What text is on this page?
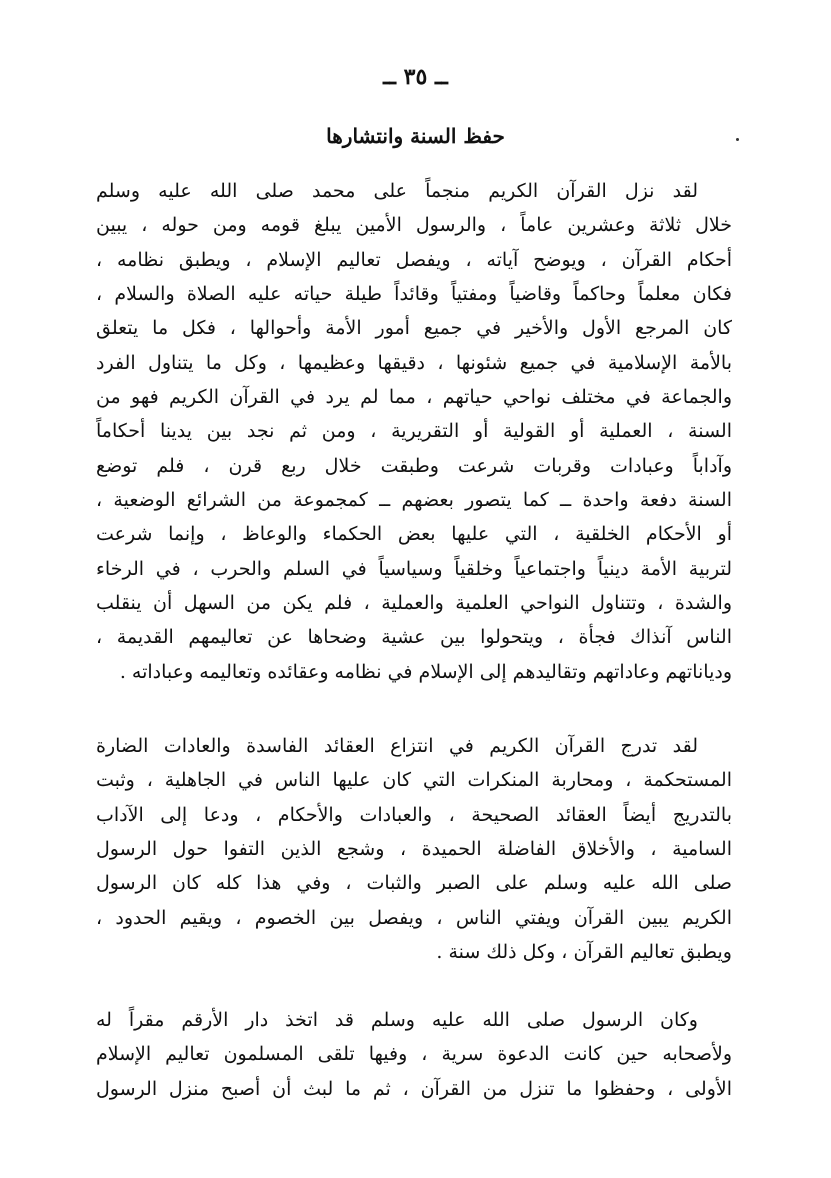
ــ ٣٥ ــ
حفظ السنة وانتشارها
لقد نزل القرآن الكريم منجماً على محمد صلى الله عليه وسلم
خلال ثلاثة وعشرين عاماً ، والرسول الأمين يبلغ قومه ومن حوله ، يبين
أحكام القرآن ، ويوضح آياته ، ويفصل تعاليم الإسلام ، ويطبق نظامه ،
فكان معلماً وحاكماً وقاضياً ومفتياً وقائداً طيلة حياته عليه الصلاة والسلام ،
كان المرجع الأول والأخير في جميع أمور الأمة وأحوالها ، فكل ما يتعلق
بالأمة الإسلامية في جميع شئونها ، دقيقها وعظيمها ، وكل ما يتناول الفرد
والجماعة في مختلف نواحي حياتهم ، مما لم يرد في القرآن الكريم فهو من
السنة ، العملية أو القولية أو التقريرية ، ومن ثم نجد بين يدينا أحكاماً
وآداباً وعبادات وقربات شرعت وطبقت خلال ربع قرن ، فلم توضع
السنة دفعة واحدة ــ كما يتصور بعضهم ــ كمجموعة من الشرائع الوضعية ،
أو الأحكام الخلقية ، التي عليها بعض الحكماء والوعاظ ، وإنما شرعت
لتربية الأمة دينياً واجتماعياً وخلقياً وسياسياً في السلم والحرب ، في الرخاء
والشدة ، وتتناول النواحي العلمية والعملية ، فلم يكن من السهل أن ينقلب
الناس آنذاك فجأة ، ويتحولوا بين عشية وضحاها عن تعاليمهم القديمة ،
ودياناتهم وعاداتهم وتقاليدهم إلى الإسلام في نظامه وعقائده وتعاليمه وعباداته .
لقد تدرج القرآن الكريم في انتزاع العقائد الفاسدة والعادات الضارة
المستحكمة ، ومحاربة المنكرات التي كان عليها الناس في الجاهلية ، وثبت
بالتدريج أيضاً العقائد الصحيحة ، والعبادات والأحكام ، ودعا إلى الآداب
السامية ، والأخلاق الفاضلة الحميدة ، وشجع الذين التفوا حول الرسول
صلى الله عليه وسلم على الصبر والثبات ، وفي هذا كله كان الرسول
الكريم يبين القرآن ويفتي الناس ، ويفصل بين الخصوم ، ويقيم الحدود ،
ويطبق تعاليم القرآن ، وكل ذلك سنة .
وكان الرسول صلى الله عليه وسلم قد اتخذ دار الأرقم مقراً له
ولأصحابه حين كانت الدعوة سرية ، وفيها تلقى المسلمون تعاليم الإسلام
الأولى ، وحفظوا ما تنزل من القرآن ، ثم ما لبث أن أصبح منزل الرسول
